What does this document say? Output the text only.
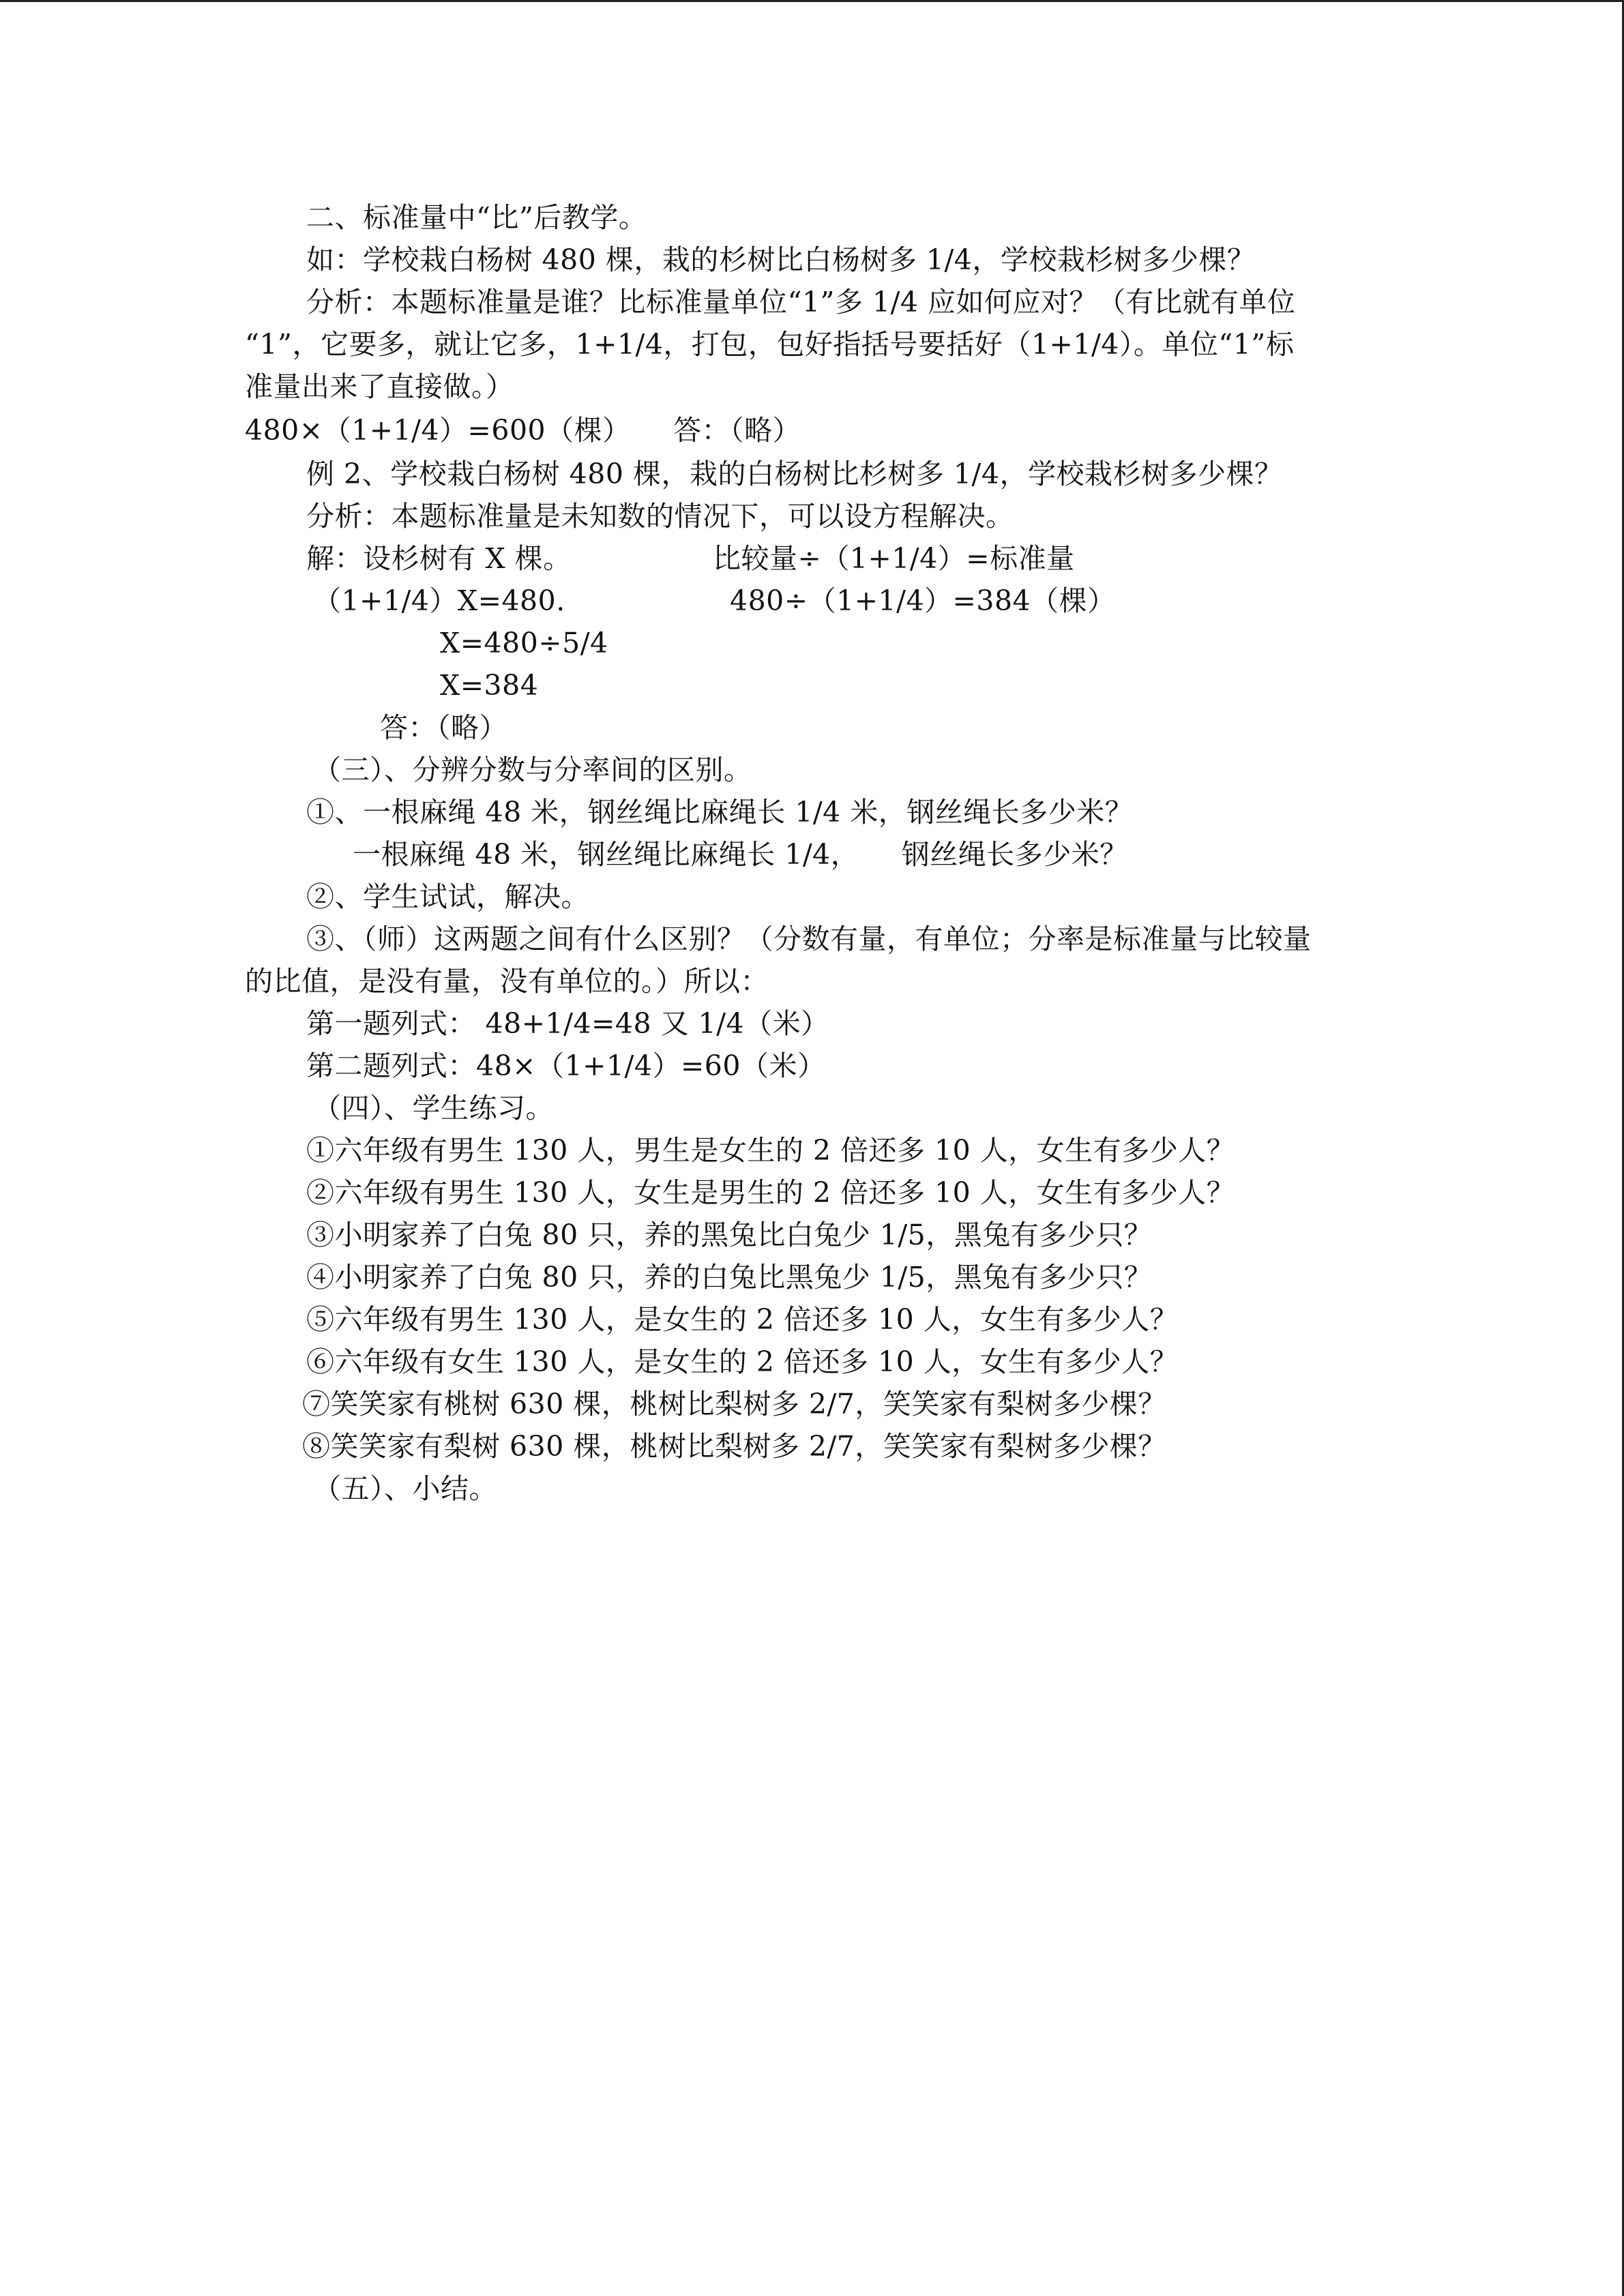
二、标准量中“比”后教学。
如：学校栽白杨树 480 棵，栽的杉树比白杨树多 1/4，学校栽杉树多少棵？
分析：本题标准量是谁？比标准量单位“1”多 1/4 应如何应对？（有比就有单位
“1”，它要多，就让它多，1+1/4，打包，包好指括号要括好（1+1/4）。单位“1”标
准量出来了直接做。）
480×（1+1/4）=600（棵）　　答：（略）
例 2、学校栽白杨树 480 棵，栽的白杨树比杉树多 1/4，学校栽杉树多少棵？
分析：本题标准量是未知数的情况下，可以设方程解决。
解：设杉树有 X 棵。	比较量÷（1+1/4）=标准量
（1+1/4）X=480.	480÷（1+1/4）=384（棵）
X=480÷5/4
X=384
答：（略）
（三）、分辨分数与分率间的区别。
①、一根麻绳 48 米，钢丝绳比麻绳长 1/4 米，钢丝绳长多少米？
一根麻绳 48 米，钢丝绳比麻绳长 1/4，　　钢丝绳长多少米？
②、学生试试，解决。
③、（师）这两题之间有什么区别？（分数有量，有单位；分率是标准量与比较量
的比值，是没有量，没有单位的。）所以：
第一题列式： 48+1/4=48 又 1/4（米）
第二题列式：48×（1+1/4）=60（米）
（四）、学生练习。
①六年级有男生 130 人，男生是女生的 2 倍还多 10 人，女生有多少人？
②六年级有男生 130 人，女生是男生的 2 倍还多 10 人，女生有多少人？
③小明家养了白兔 80 只，养的黑兔比白兔少 1/5，黑兔有多少只？
④小明家养了白兔 80 只，养的白兔比黑兔少 1/5，黑兔有多少只？
⑤六年级有男生 130 人，是女生的 2 倍还多 10 人，女生有多少人？
⑥六年级有女生 130 人，是女生的 2 倍还多 10 人，女生有多少人？
⑦笑笑家有桃树 630 棵，桃树比梨树多 2/7，笑笑家有梨树多少棵？
⑧笑笑家有梨树 630 棵，桃树比梨树多 2/7，笑笑家有梨树多少棵？
（五）、小结。
